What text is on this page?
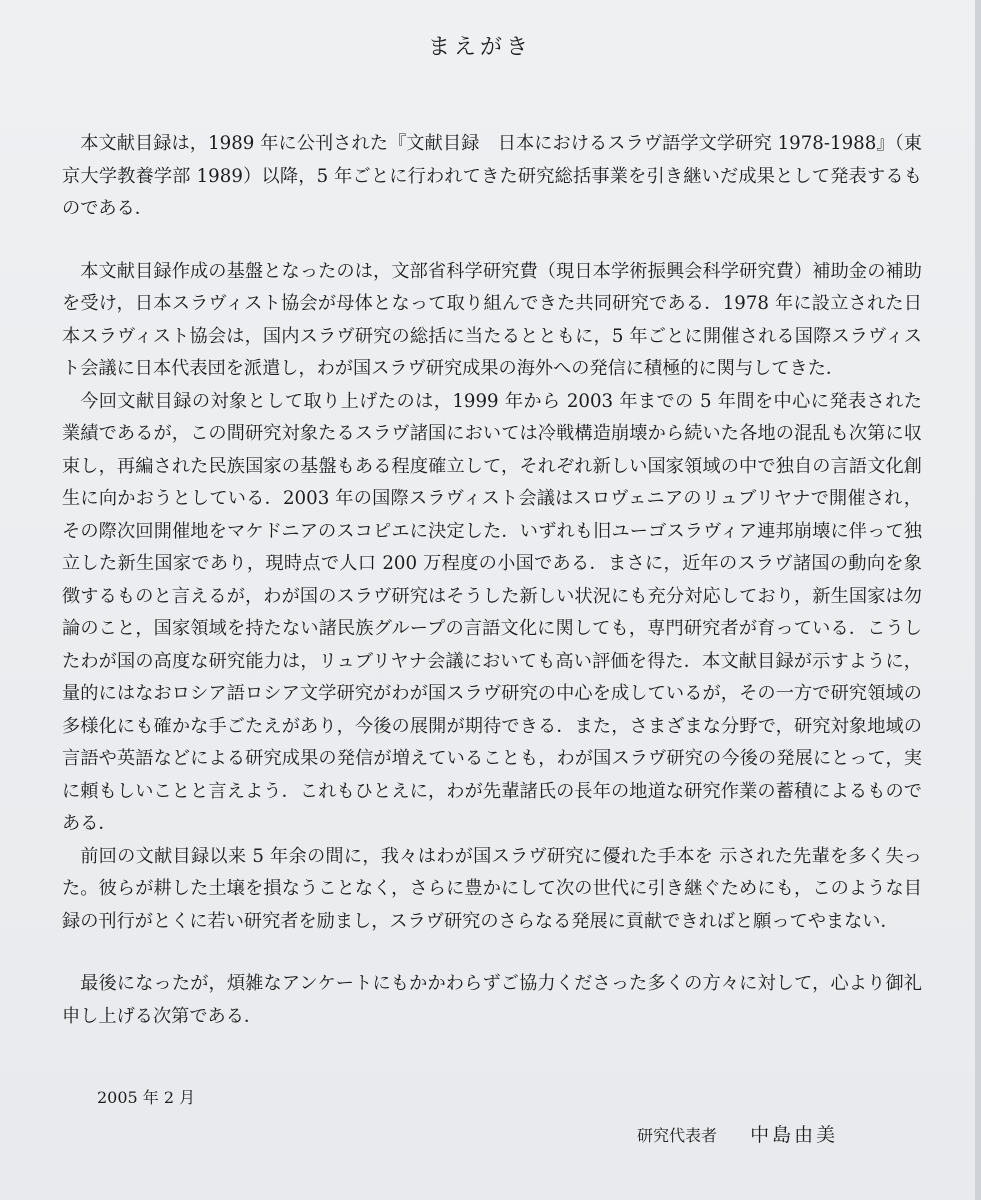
まえがき

本文献目録は，1989 年に公刊された『文献目録　日本におけるスラヴ語学文学研究 1978-1988』（東京大学教養学部 1989）以降，5 年ごとに行われてきた研究総括事業を引き継いだ成果として発表するものである．

本文献目録作成の基盤となったのは，文部省科学研究費（現日本学術振興会科学研究費）補助金の補助を受け，日本スラヴィスト協会が母体となって取り組んできた共同研究である．1978 年に設立された日本スラヴィスト協会は，国内スラヴ研究の総括に当たるとともに，5 年ごとに開催される国際スラヴィスト会議に日本代表団を派遣し，わが国スラヴ研究成果の海外への発信に積極的に関与してきた．

今回文献目録の対象として取り上げたのは，1999 年から 2003 年までの 5 年間を中心に発表された業績であるが，この間研究対象たるスラヴ諸国においては冷戦構造崩壊から続いた各地の混乱も次第に収束し，再編された民族国家の基盤もある程度確立して，それぞれ新しい国家領域の中で独自の言語文化創生に向かおうとしている．2003 年の国際スラヴィスト会議はスロヴェニアのリュブリヤナで開催され，その際次回開催地をマケドニアのスコピエに決定した．いずれも旧ユーゴスラヴィア連邦崩壊に伴って独立した新生国家であり，現時点で人口 200 万程度の小国である．まさに，近年のスラヴ諸国の動向を象徴するものと言えるが，わが国のスラヴ研究はそうした新しい状況にも充分対応しており，新生国家は勿論のこと，国家領域を持たない諸民族グループの言語文化に関しても，専門研究者が育っている．こうしたわが国の高度な研究能力は，リュブリヤナ会議においても高い評価を得た．本文献目録が示すように，量的にはなおロシア語ロシア文学研究がわが国スラヴ研究の中心を成しているが，その一方で研究領域の多様化にも確かな手ごたえがあり，今後の展開が期待できる．また，さまざまな分野で，研究対象地域の言語や英語などによる研究成果の発信が増えていることも，わが国スラヴ研究の今後の発展にとって，実に頼もしいことと言えよう．これもひとえに，わが先輩諸氏の長年の地道な研究作業の蓄積によるものである．

前回の文献目録以来 5 年余の間に，我々はわが国スラヴ研究に優れた手本を 示された先輩を多く失った。彼らが耕した土壌を損なうことなく，さらに豊かにして次の世代に引き継ぐためにも，このような目録の刊行がとくに若い研究者を励まし，スラヴ研究のさらなる発展に貢献できればと願ってやまない．

最後になったが，煩雑なアンケートにもかかわらずご協力くださった多くの方々に対して，心より御礼申し上げる次第である．

2005 年 2 月
研究代表者 中島由美
